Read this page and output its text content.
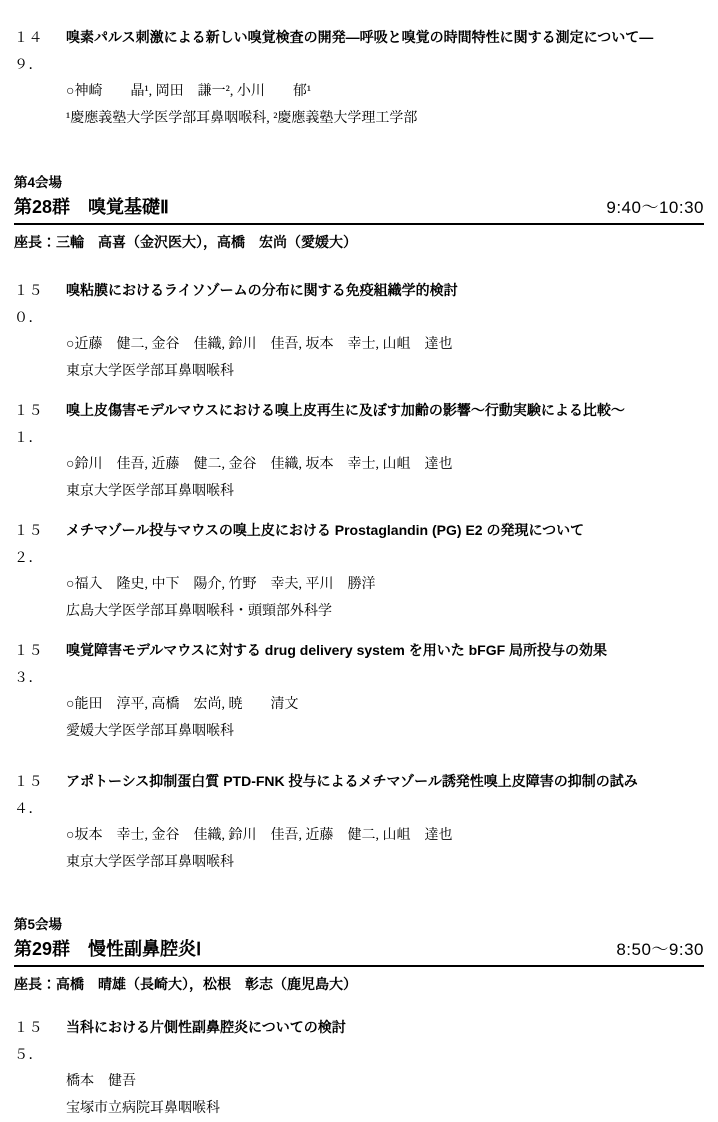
１４９．
嗅素パルス刺激による新しい嗅覚検査の開発―呼吸と嗅覚の時間特性に関する測定について―
○神崎　　晶¹, 岡田　謙一², 小川　　郁¹
¹慶應義塾大学医学部耳鼻咽喉科, ²慶應義塾大学理工学部
第4会場
第28群　嗅覚基礎Ⅱ	9:40～10:30
座長：三輪　高喜（金沢医大），高橋　宏尚（愛媛大）
１５０．
嗅粘膜におけるライソゾームの分布に関する免疫組織学的検討
○近藤　健二, 金谷　佳織, 鈴川　佳吾, 坂本　幸士, 山岨　達也
東京大学医学部耳鼻咽喉科
１５１．
嗅上皮傷害モデルマウスにおける嗅上皮再生に及ぼす加齢の影響～行動実験による比較～
○鈴川　佳吾, 近藤　健二, 金谷　佳織, 坂本　幸士, 山岨　達也
東京大学医学部耳鼻咽喉科
１５２．
メチマゾール投与マウスの嗅上皮における Prostaglandin (PG) E2 の発現について
○福入　隆史, 中下　陽介, 竹野　幸夫, 平川　勝洋
広島大学医学部耳鼻咽喉科・頭頸部外科学
１５３．
嗅覚障害モデルマウスに対する drug delivery system を用いた bFGF 局所投与の効果
○能田　淳平, 高橋　宏尚, 暁　　清文
愛媛大学医学部耳鼻咽喉科
１５４．
アポトーシス抑制蛋白質 PTD-FNK 投与によるメチマゾール誘発性嗅上皮障害の抑制の試み
○坂本　幸士, 金谷　佳織, 鈴川　佳吾, 近藤　健二, 山岨　達也
東京大学医学部耳鼻咽喉科
第5会場
第29群　慢性副鼻腔炎Ⅰ	8:50～9:30
座長：高橋　晴雄（長崎大），松根　彰志（鹿児島大）
１５５．
当科における片側性副鼻腔炎についての検討
橋本　健吾
宝塚市立病院耳鼻咽喉科
